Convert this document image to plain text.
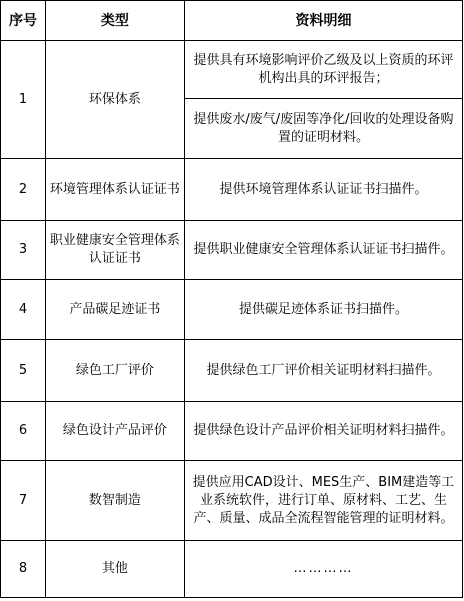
序号	类型	资料明细
1	环保体系	提供具有环境影响评价乙级及以上资质的环评机构出具的环评报告；
		提供废水/废气/废固等净化/回收的处理设备购置的证明材料。
2	环境管理体系认证证书	提供环境管理体系认证证书扫描件。
3	职业健康安全管理体系认证证书	提供职业健康安全管理体系认证证书扫描件。
4	产品碳足迹证书	提供碳足迹体系证书扫描件。
5	绿色工厂评价	提供绿色工厂评价相关证明材料扫描件。
6	绿色设计产品评价	提供绿色设计产品评价相关证明材料扫描件。
7	数智制造	提供应用CAD设计、MES生产、BIM建造等工业系统软件，进行订单、原材料、工艺、生产、质量、成品全流程智能管理的证明材料。
8	其他	…………
